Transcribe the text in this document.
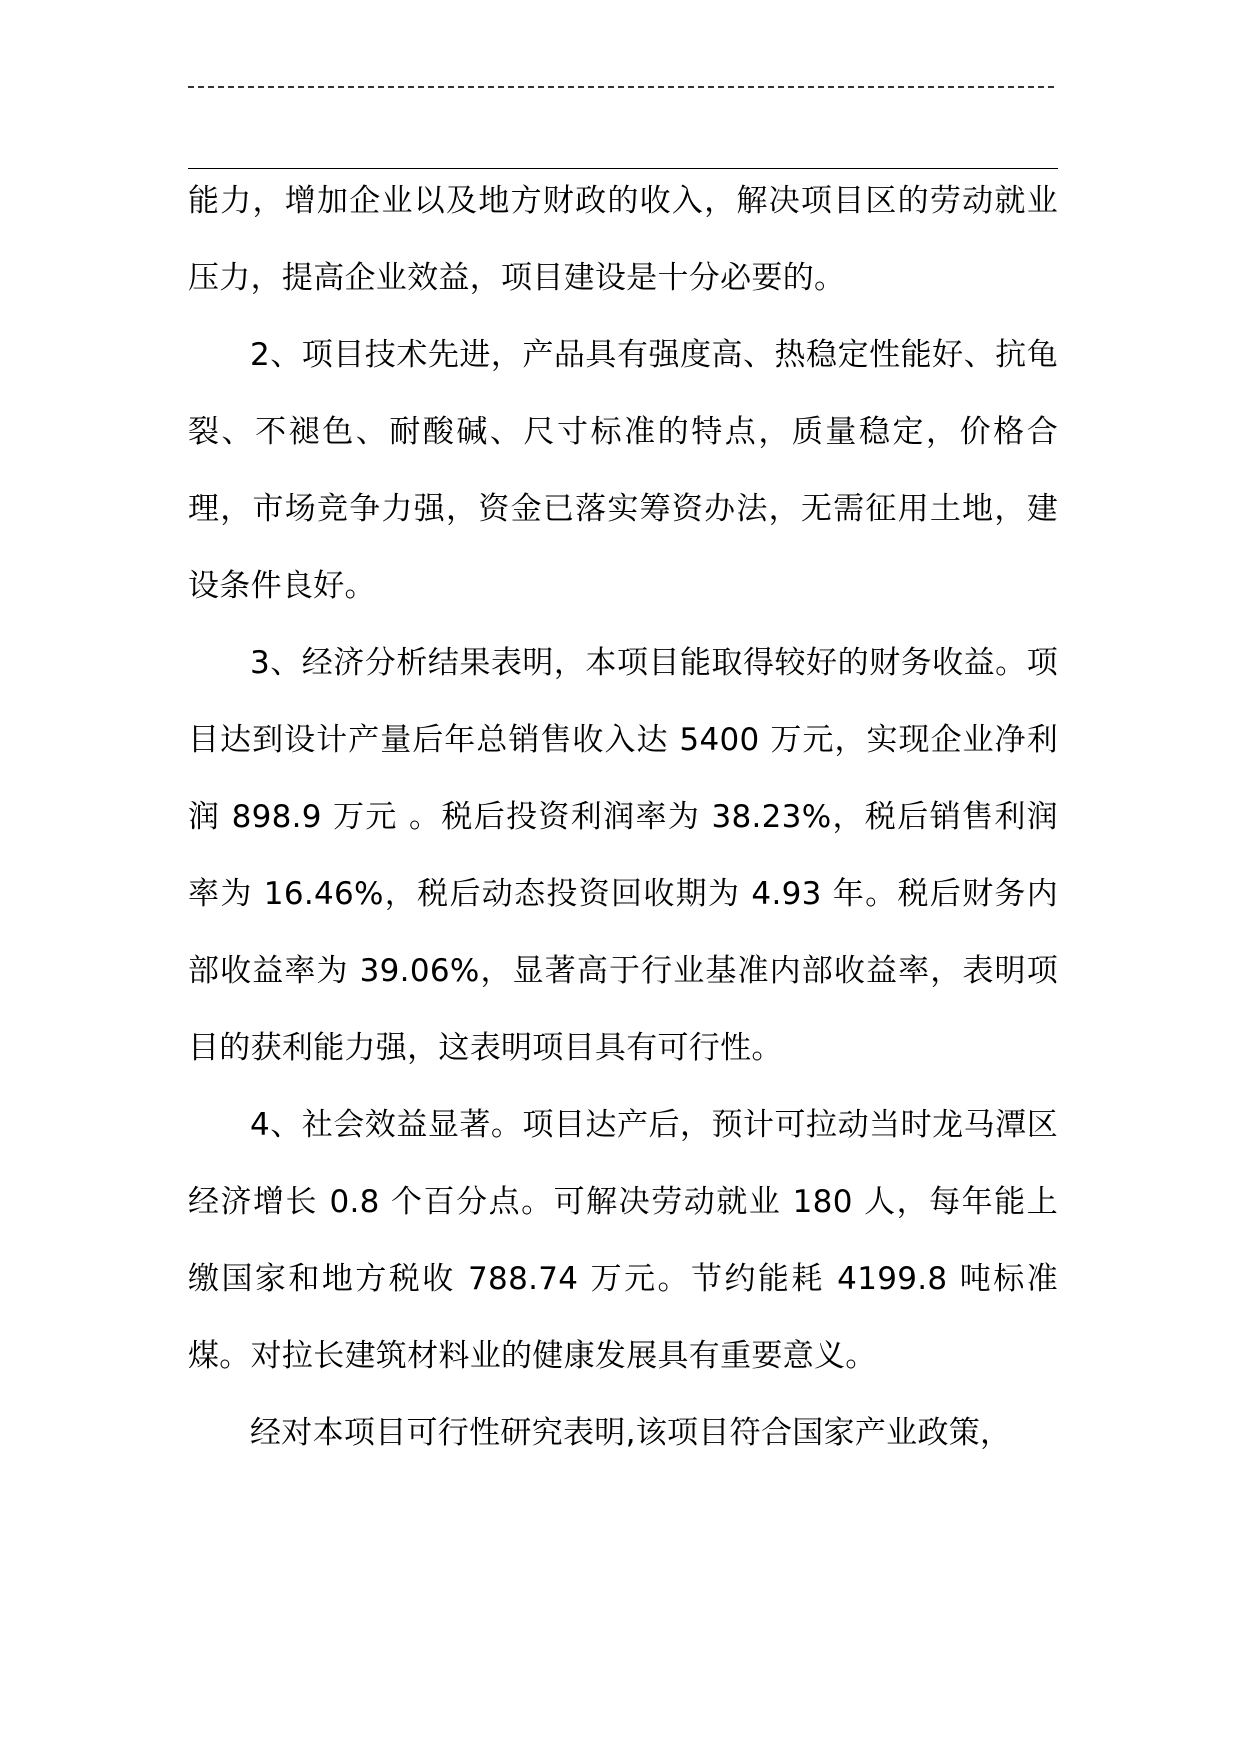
能力，增加企业以及地方财政的收入，解决项目区的劳动就业压力，提高企业效益，项目建设是十分必要的。

2、项目技术先进，产品具有强度高、热稳定性能好、抗龟裂、不褪色、耐酸碱、尺寸标准的特点，质量稳定，价格合理，市场竞争力强，资金已落实筹资办法，无需征用土地，建设条件良好。

3、经济分析结果表明，本项目能取得较好的财务收益。项目达到设计产量后年总销售收入达 5400 万元，实现企业净利润 898.9 万元 。税后投资利润率为 38.23%，税后销售利润率为 16.46%，税后动态投资回收期为 4.93 年。税后财务内部收益率为 39.06%，显著高于行业基准内部收益率，表明项目的获利能力强，这表明项目具有可行性。

4、社会效益显著。项目达产后，预计可拉动当时龙马潭区经济增长 0.8 个百分点。可解决劳动就业 180 人，每年能上缴国家和地方税收 788.74 万元。节约能耗 4199.8 吨标准煤。对拉长建筑材料业的健康发展具有重要意义。

经对本项目可行性研究表明,该项目符合国家产业政策，
